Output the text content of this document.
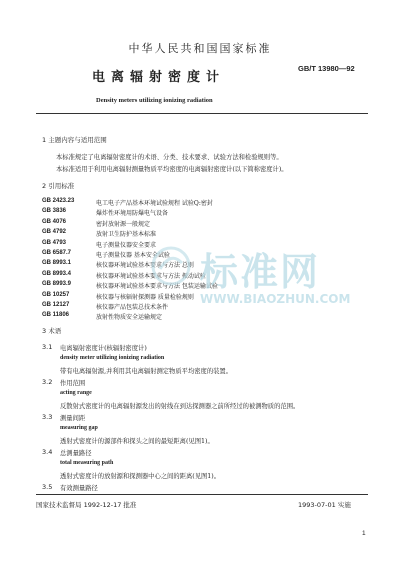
中华人民共和国国家标准
电离辐射密度计
GB/T 13980—92
Density meters utilizing ionizing radiation
1 主题内容与适用范围
本标准规定了电离辐射密度计的术语、分类、技术要求、试验方法和检验规则等。
本标准适用于利用电离辐射测量物质平均密度的电离辐射密度计(以下简称密度计)。
2 引用标准
GB 2423.23	电工电子产品基本环境试验规程 试验Q:密封
GB 3836	爆炸性环境用防爆电气设备
GB 4076	密封放射源一般规定
GB 4792	放射卫生防护基本标准
GB 4793	电子测量仪器安全要求
GB 6587.7	电子测量仪器 基本安全试验
GB 8993.1	核仪器环境试验基本要求与方法 总则
GB 8993.4	核仪器环境试验基本要求与方法 振动试验
GB 8993.9	核仪器环境试验基本要求与方法 包装运输试验
GB 10257	核仪器与核辐射探测器 质量检验规则
GB 12127	核仪器产品包装总技术条件
GB 11806	放射性物质安全运输规定
3 术语
3.1 电离辐射密度计(核辐射密度计)
density meter utilizing ionizing radiation
带有电离辐射源,并利用其电离辐射测定物质平均密度的装置。
3.2 作用范围
acting range
反散射式密度计的电离辐射源发出的射线在到达探测器之前所经过的被测物质的范围。
3.3 测量间距
measuring gap
透射式密度计的源部件和探头之间的最短距离(见图1)。
3.4 总测量路径
total measuring path
透射式密度计的放射源和探测器中心之间的距离(见图1)。
3.5 有效测量路径
国家技术监督局 1992-12-17 批准	1993-07-01 实施
1
标准网
WWW.BIAOZHUN.COM
